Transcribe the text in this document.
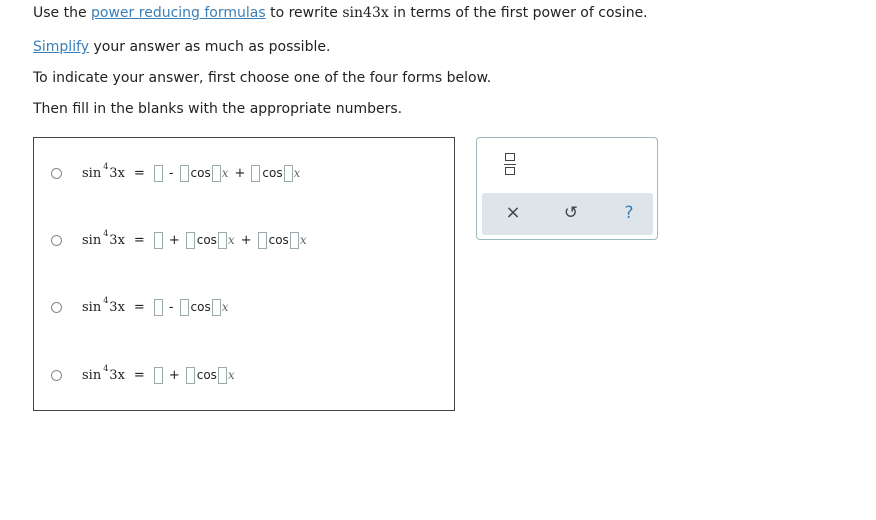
Use the power reducing formulas to rewrite sin43x in terms of the first power of cosine.
Simplify your answer as much as possible.
To indicate your answer, first choose one of the four forms below.
Then fill in the blanks with the appropriate numbers.
sin 4 3x = - cos x + cos x
sin 4 3x = + cos x + cos x
sin 4 3x = - cos x
sin 4 3x = + cos x
×	↺	?
